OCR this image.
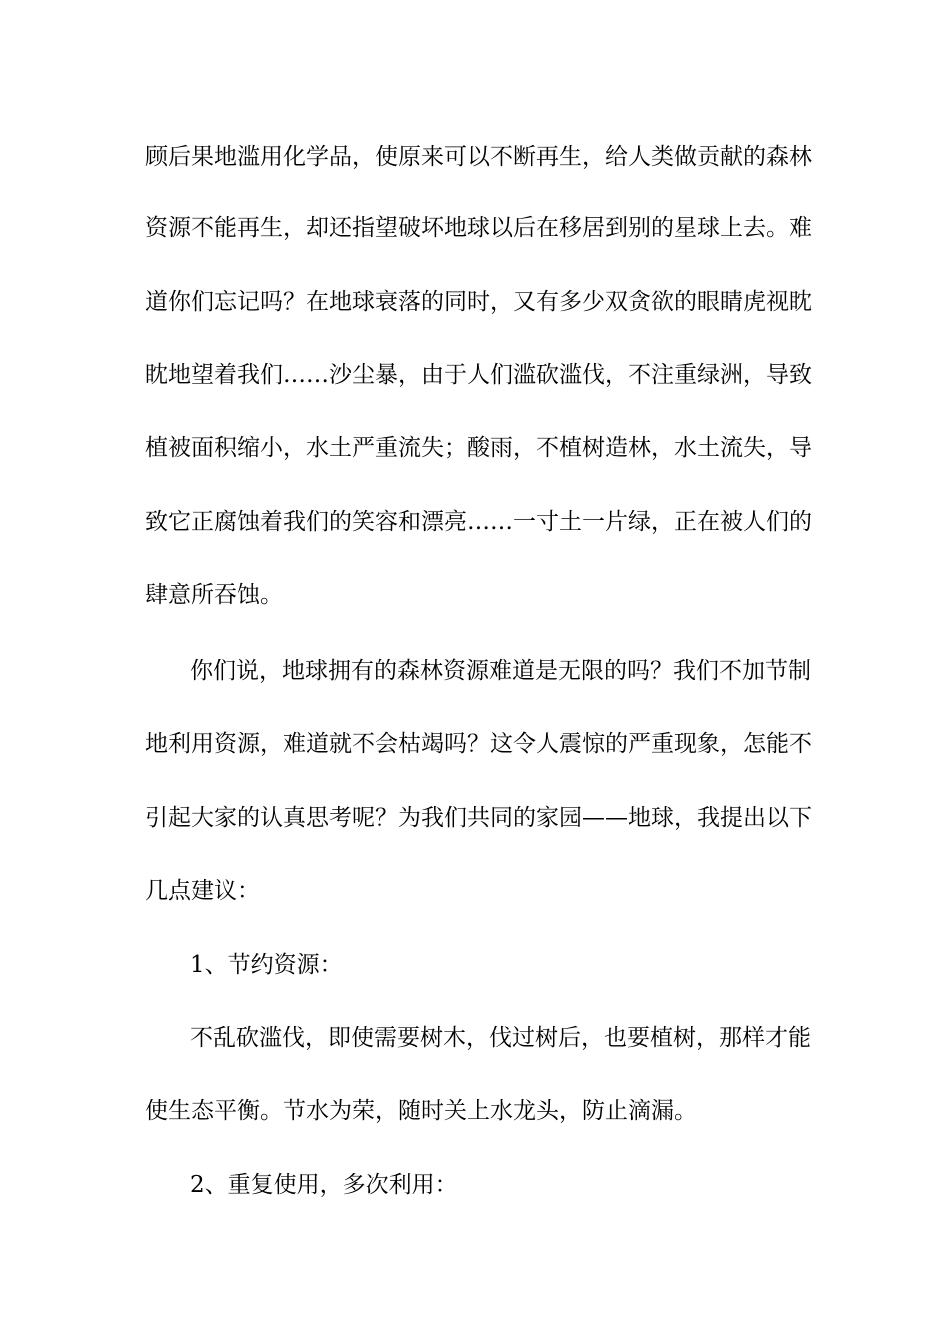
顾后果地滥用化学品，使原来可以不断再生，给人类做贡献的森林
资源不能再生，却还指望破坏地球以后在移居到别的星球上去。难
道你们忘记吗？在地球衰落的同时，又有多少双贪欲的眼睛虎视眈
眈地望着我们……沙尘暴，由于人们滥砍滥伐，不注重绿洲，导致
植被面积缩小，水土严重流失；酸雨，不植树造林，水土流失，导
致它正腐蚀着我们的笑容和漂亮……一寸土一片绿，正在被人们的
肆意所吞蚀。
你们说，地球拥有的森林资源难道是无限的吗？我们不加节制
地利用资源，难道就不会枯竭吗？这令人震惊的严重现象，怎能不
引起大家的认真思考呢？为我们共同的家园——地球，我提出以下
几点建议：
1、节约资源：
不乱砍滥伐，即使需要树木，伐过树后，也要植树，那样才能
使生态平衡。节水为荣，随时关上水龙头，防止滴漏。
2、重复使用，多次利用：
